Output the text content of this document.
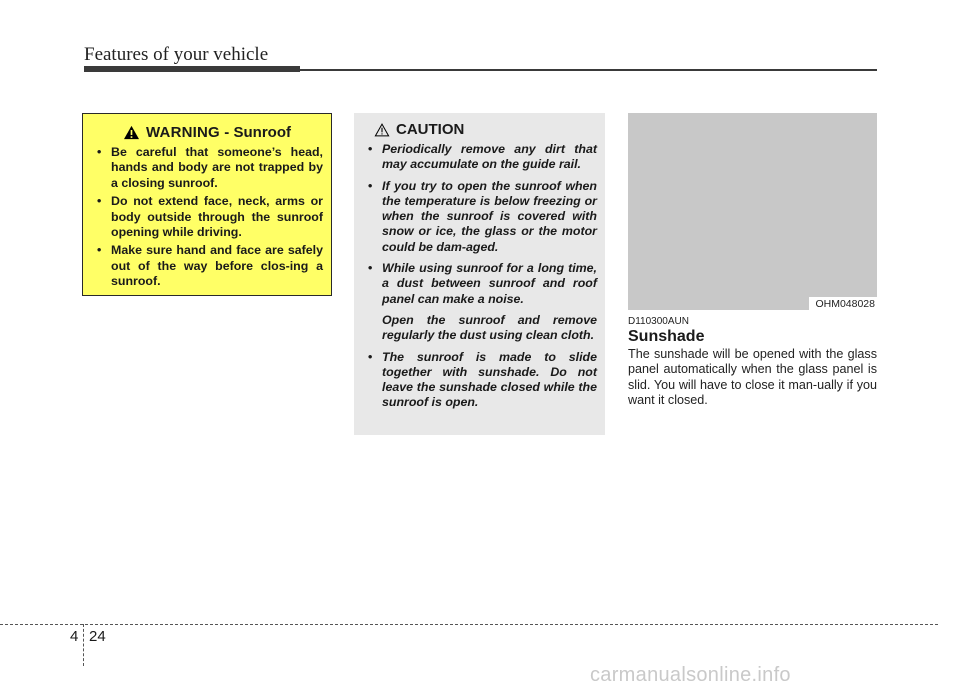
Features of your vehicle
WARNING - Sunroof
• Be careful that someone’s head, hands and body are not trapped by a closing sunroof.
• Do not extend face, neck, arms or body outside through the sunroof opening while driving.
• Make sure hand and face are safely out of the way before clos-ing a sunroof.
CAUTION
• Periodically remove any dirt that may accumulate on the guide rail.
• If you try to open the sunroof when the temperature is below freezing or when the sunroof is covered with snow or ice, the glass or the motor could be dam-aged.
• While using sunroof for a long time, a dust between sunroof and roof panel can make a noise.
Open the sunroof and remove regularly the dust using clean cloth.
• The sunroof is made to slide together with sunshade. Do not leave the sunshade closed while the sunroof is open.
OHM048028
D110300AUN
Sunshade
The sunshade will be opened with the glass panel automatically when the glass panel is slid. You will have to close it man-ually if you want it closed.
4 24
carmanualsonline.info
